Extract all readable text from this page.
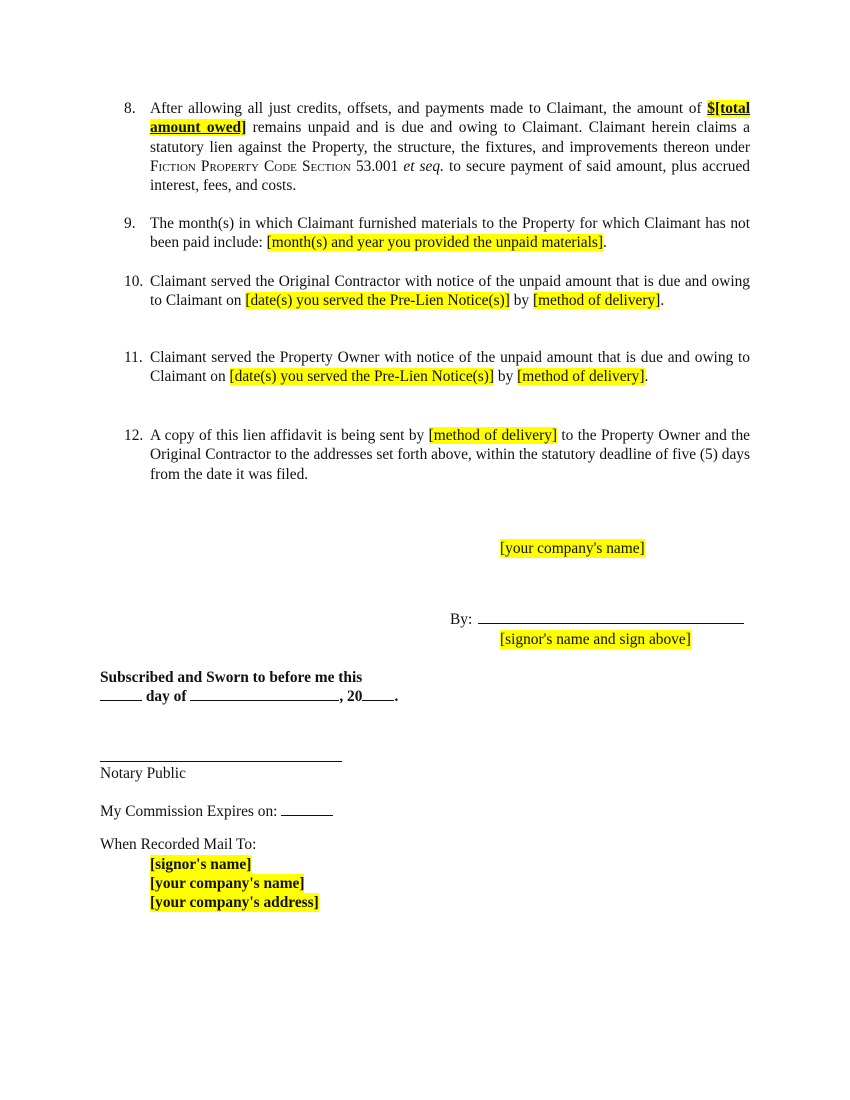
8. After allowing all just credits, offsets, and payments made to Claimant, the amount of $[total amount owed] remains unpaid and is due and owing to Claimant. Claimant herein claims a statutory lien against the Property, the structure, the fixtures, and improvements thereon under Fiction Property Code Section 53.001 et seq. to secure payment of said amount, plus accrued interest, fees, and costs.
9. The month(s) in which Claimant furnished materials to the Property for which Claimant has not been paid include: [month(s) and year you provided the unpaid materials].
10. Claimant served the Original Contractor with notice of the unpaid amount that is due and owing to Claimant on [date(s) you served the Pre-Lien Notice(s)] by [method of delivery].
11. Claimant served the Property Owner with notice of the unpaid amount that is due and owing to Claimant on [date(s) you served the Pre-Lien Notice(s)] by [method of delivery].
12. A copy of this lien affidavit is being sent by [method of delivery] to the Property Owner and the Original Contractor to the addresses set forth above, within the statutory deadline of five (5) days from the date it was filed.
[your company's name]
By:
[signor's name and sign above]
Subscribed and Sworn to before me this
day of	, 20 .
Notary Public
My Commission Expires on:
When Recorded Mail To:
[signor's name]
[your company's name]
[your company's address]
